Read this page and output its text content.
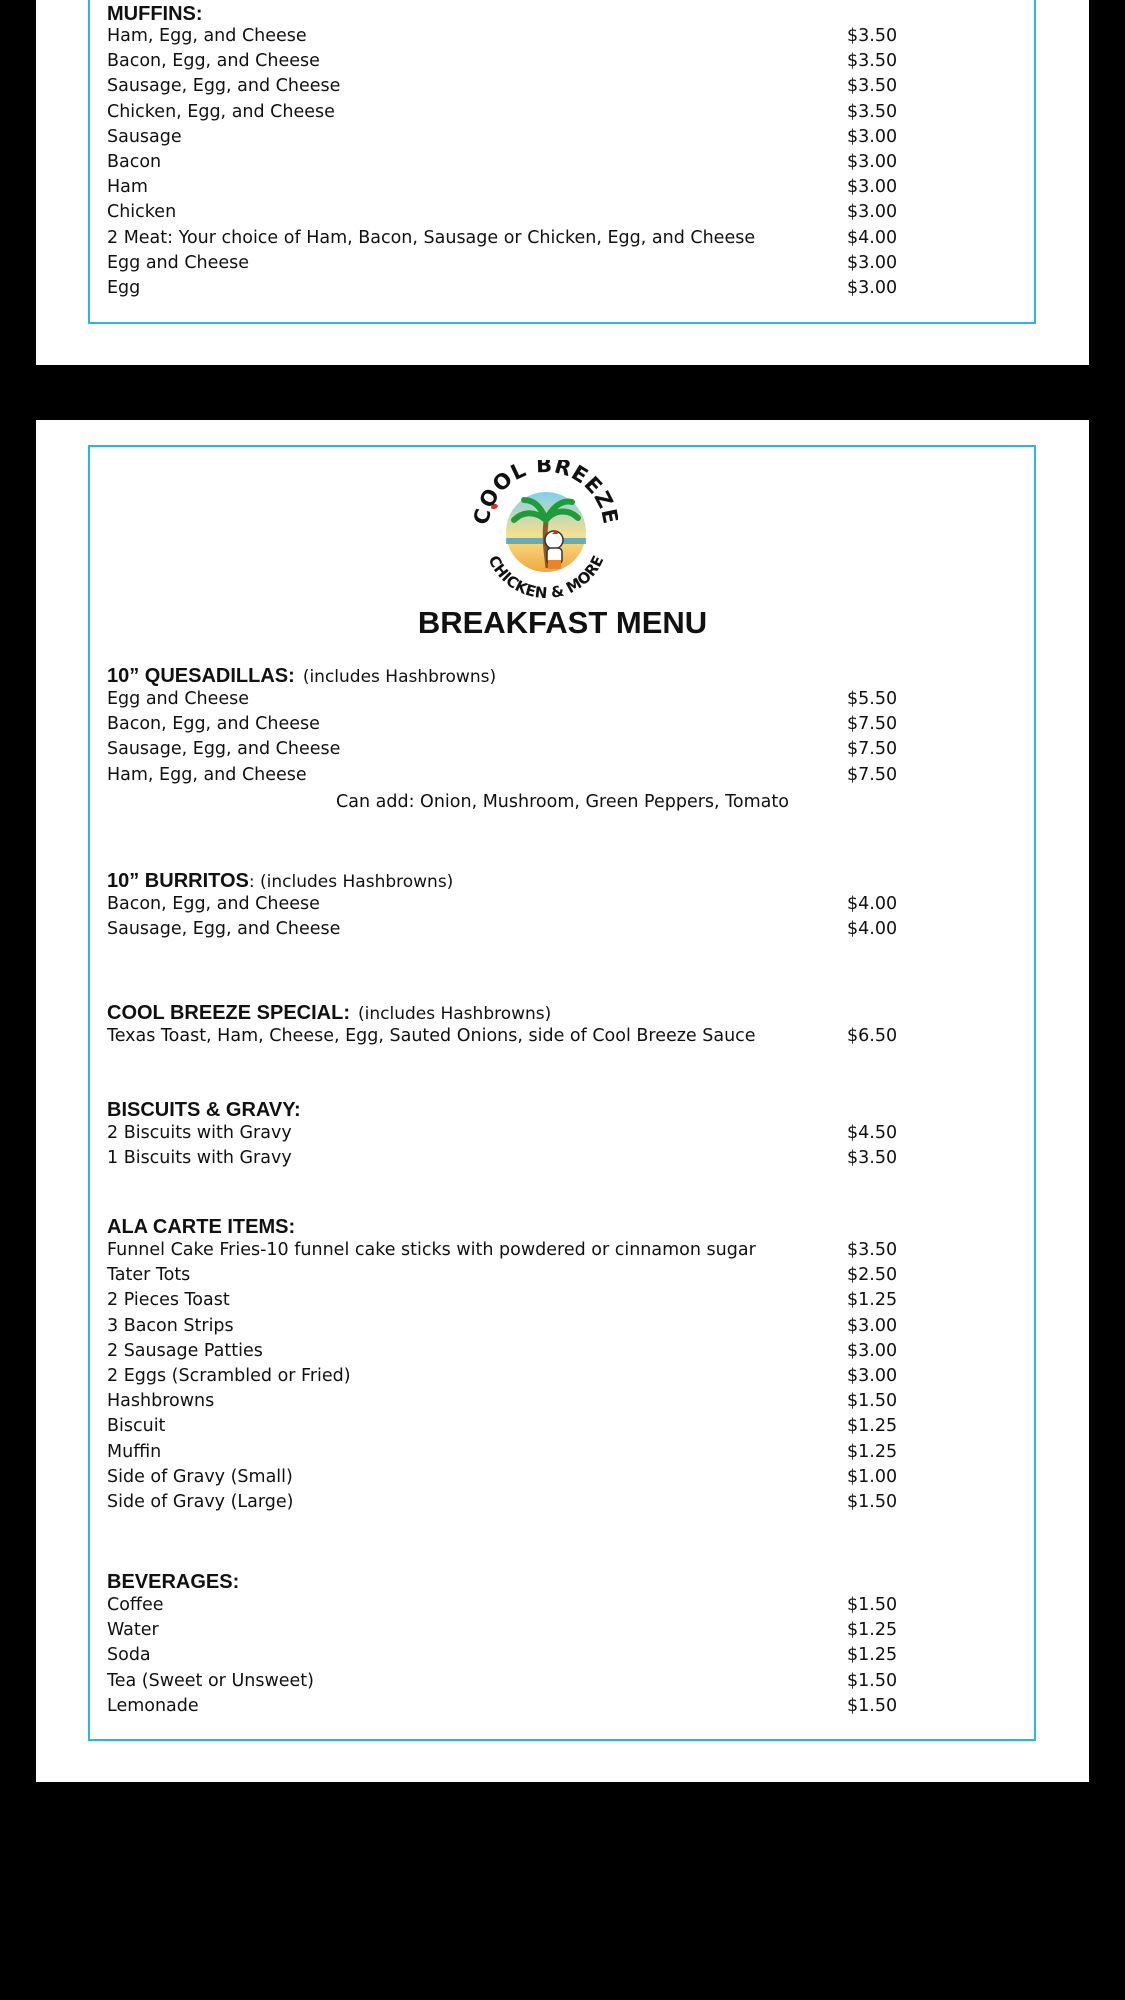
MUFFINS:
Ham, Egg, and Cheese	$3.50
Bacon, Egg, and Cheese	$3.50
Sausage, Egg, and Cheese	$3.50
Chicken, Egg, and Cheese	$3.50
Sausage	$3.00
Bacon	$3.00
Ham	$3.00
Chicken	$3.00
2 Meat: Your choice of Ham, Bacon, Sausage or Chicken, Egg, and Cheese	$4.00
Egg and Cheese	$3.00
Egg	$3.00
OOL BREEZ
CHICKEN & MORE
BREAKFAST MENU
10” QUESADILLAS: (includes Hashbrowns)
Egg and Cheese	$5.50
Bacon, Egg, and Cheese	$7.50
Sausage, Egg, and Cheese	$7.50
Ham, Egg, and Cheese	$7.50
Can add: Onion, Mushroom, Green Peppers, Tomato
10” BURRITOS: (includes Hashbrowns)
Bacon, Egg, and Cheese	$4.00
Sausage, Egg, and Cheese	$4.00
COOL BREEZE SPECIAL: (includes Hashbrowns)
Texas Toast, Ham, Cheese, Egg, Sauted Onions, side of Cool Breeze Sauce	$6.50
BISCUITS & GRAVY:
2 Biscuits with Gravy	$4.50
1 Biscuits with Gravy	$3.50
ALA CARTE ITEMS:
Funnel Cake Fries-10 funnel cake sticks with powdered or cinnamon sugar	$3.50
Tater Tots	$2.50
2 Pieces Toast	$1.25
3 Bacon Strips	$3.00
2 Sausage Patties	$3.00
2 Eggs (Scrambled or Fried)	$3.00
Hashbrowns	$1.50
Biscuit	$1.25
Muffin	$1.25
Side of Gravy (Small)	$1.00
Side of Gravy (Large)	$1.50
BEVERAGES:
Coffee	$1.50
Water	$1.25
Soda	$1.25
Tea (Sweet or Unsweet)	$1.50
Lemonade	$1.50
